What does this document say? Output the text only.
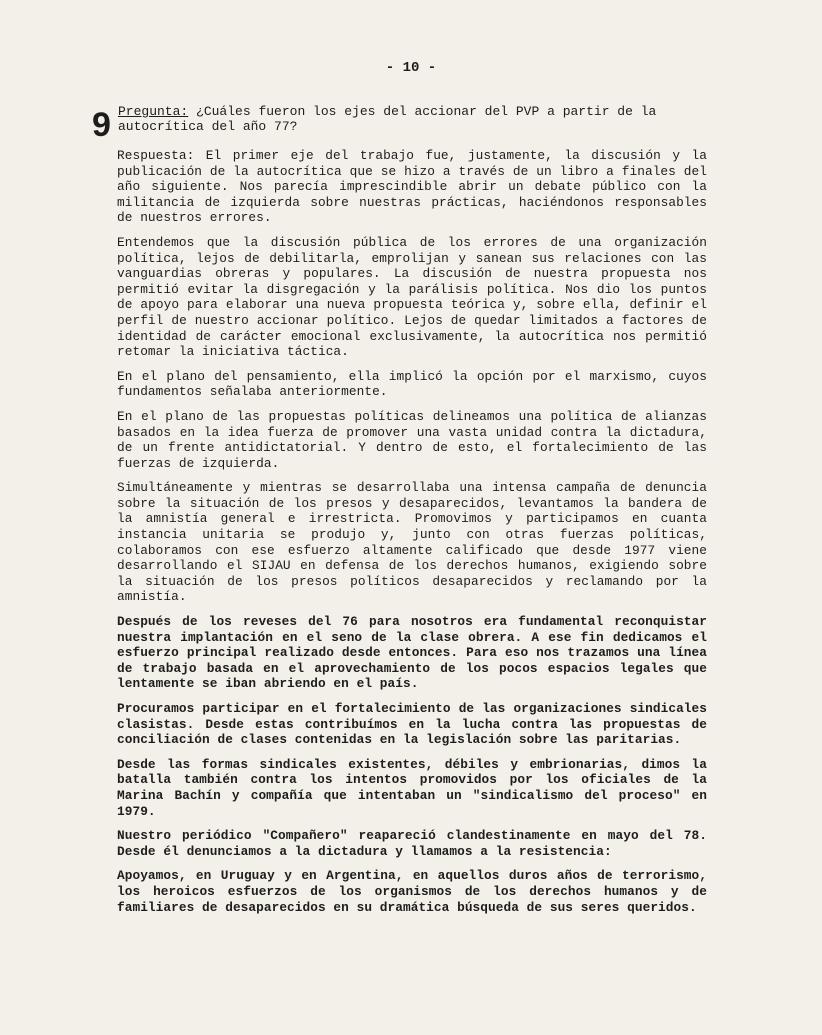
- 10 -
9 Pregunta: ¿Cuáles fueron los ejes del accionar del PVP a partir de la autocrítica del año 77?

Respuesta: El primer eje del trabajo fue, justamente, la discusión y la publicación de la autocrítica que se hizo a través de un libro a finales del año siguiente. Nos parecía imprescindible abrir un debate público con la militancia de izquierda sobre nuestras prácticas, haciéndonos responsables de nuestros errores.

Entendemos que la discusión pública de los errores de una organización política, lejos de debilitarla, emprolijan y sanean sus relaciones con las vanguardias obreras y populares. La discusión de nuestra propuesta nos permitió evitar la disgregación y la parálisis política. Nos dio los puntos de apoyo para elaborar una nueva propuesta teórica y, sobre ella, definir el perfil de nuestro accionar político. Lejos de quedar limitados a factores de identidad de carácter emocional exclusivamente, la autocrítica nos permitió retomar la iniciativa táctica.

En el plano del pensamiento, ella implicó la opción por el marxismo, cuyos fundamentos señalaba anteriormente.

En el plano de las propuestas políticas delineamos una política de alianzas basados en la idea fuerza de promover una vasta unidad contra la dictadura, de un frente antidictatorial. Y dentro de esto, el fortalecimiento de las fuerzas de izquierda.

Simultáneamente y mientras se desarrollaba una intensa campaña de denuncia sobre la situación de los presos y desaparecidos, levantamos la bandera de la amnistía general e irrestricta. Promovimos y participamos en cuanta instancia unitaria se produjo y, junto con otras fuerzas políticas, colaboramos con ese esfuerzo altamente calificado que desde 1977 viene desarrollando el SIJAU en defensa de los derechos humanos, exigiendo sobre la situación de los presos políticos desaparecidos y reclamando por la amnistía.

Después de los reveses del 76 para nosotros era fundamental reconquistar nuestra implantación en el seno de la clase obrera. A ese fin dedicamos el esfuerzo principal realizado desde entonces. Para eso nos trazamos una línea de trabajo basada en el aprovechamiento de los pocos espacios legales que lentamente se iban abriendo en el país.

Procuramos participar en el fortalecimiento de las organizaciones sindicales clasistas. Desde estas contribuímos en la lucha contra las propuestas de conciliación de clases contenidas en la legislación sobre las paritarias.

Desde las formas sindicales existentes, débiles y embrionarias, dimos la batalla también contra los intentos promovidos por los oficiales de la Marina Bachín y compañía que intentaban un "sindicalismo del proceso" en 1979.

Nuestro periódico "Compañero" reapareció clandestinamente en mayo del 78. Desde él denunciamos a la dictadura y llamamos a la resistencia:

Apoyamos, en Uruguay y en Argentina, en aquellos duros años de terrorismo, los heroicos esfuerzos de los organismos de los derechos humanos y de familiares de desaparecidos en su dramática búsqueda de sus seres queridos.
